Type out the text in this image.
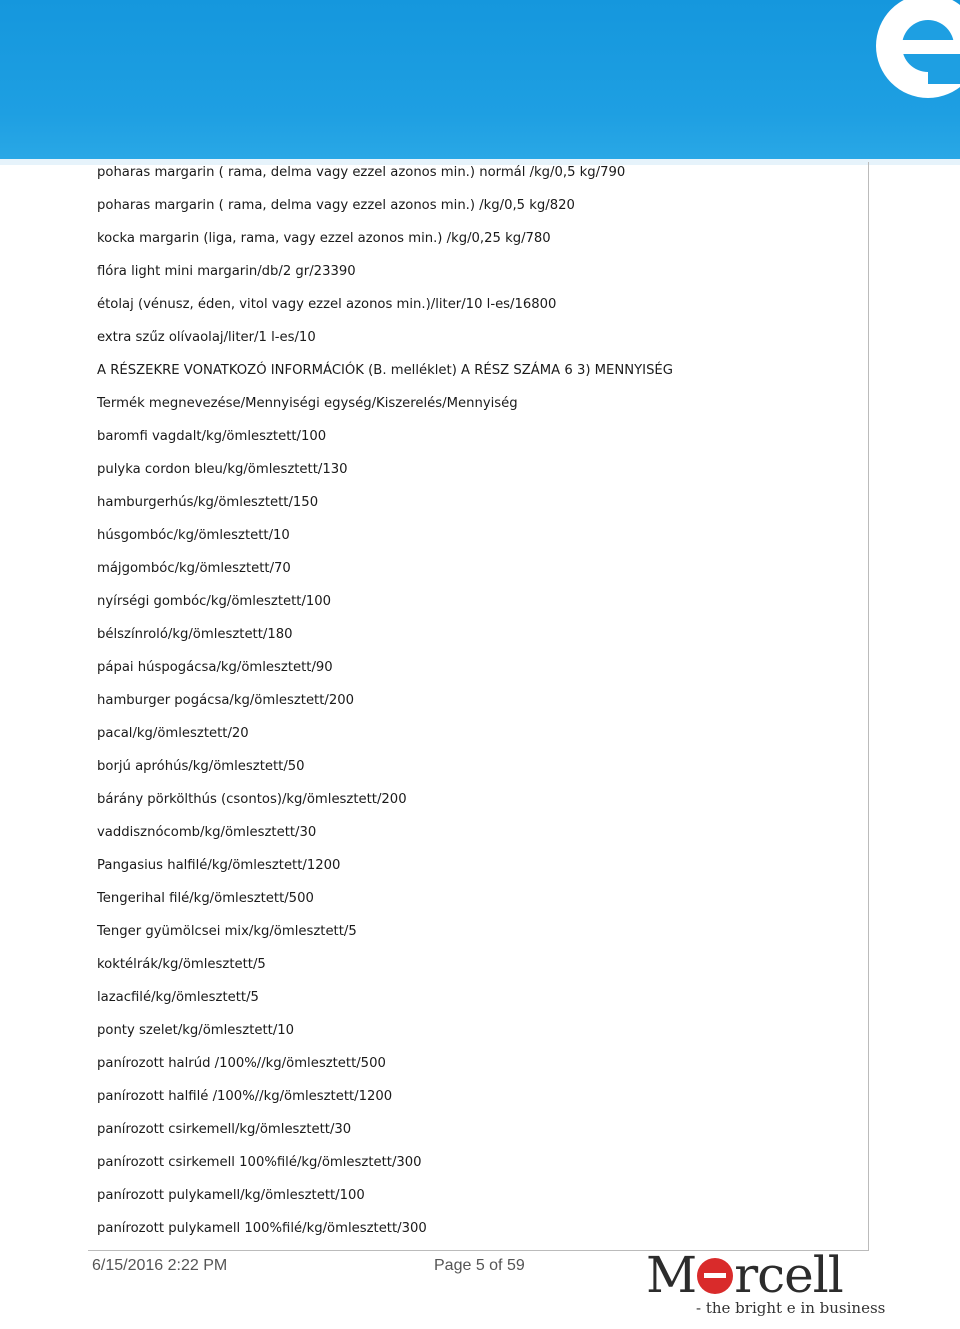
poharas margarin ( rama, delma vagy ezzel azonos min.) normál /kg/0,5 kg/790
poharas margarin ( rama, delma vagy ezzel azonos min.) /kg/0,5 kg/820
kocka margarin (liga, rama, vagy ezzel azonos min.) /kg/0,25 kg/780
flóra light mini margarin/db/2 gr/23390
étolaj (vénusz, éden, vitol vagy ezzel azonos min.)/liter/10 l-es/16800
extra szűz olívaolaj/liter/1 l-es/10
A RÉSZEKRE VONATKOZÓ INFORMÁCIÓK (B. melléklet) A RÉSZ SZÁMA 6 3) MENNYISÉG
Termék megnevezése/Mennyiségi egység/Kiszerelés/Mennyiség
baromfi vagdalt/kg/ömlesztett/100
pulyka cordon bleu/kg/ömlesztett/130
hamburgerhús/kg/ömlesztett/150
húsgombóc/kg/ömlesztett/10
májgombóc/kg/ömlesztett/70
nyírségi gombóc/kg/ömlesztett/100
bélszínroló/kg/ömlesztett/180
pápai húspogácsa/kg/ömlesztett/90
hamburger pogácsa/kg/ömlesztett/200
pacal/kg/ömlesztett/20
borjú apróhús/kg/ömlesztett/50
bárány pörkölthús (csontos)/kg/ömlesztett/200
vaddisznócomb/kg/ömlesztett/30
Pangasius halfilé/kg/ömlesztett/1200
Tengerihal filé/kg/ömlesztett/500
Tenger gyümölcsei mix/kg/ömlesztett/5
koktélrák/kg/ömlesztett/5
lazacfilé/kg/ömlesztett/5
ponty szelet/kg/ömlesztett/10
panírozott halrúd /100%//kg/ömlesztett/500
panírozott halfilé /100%//kg/ömlesztett/1200
panírozott csirkemell/kg/ömlesztett/30
panírozott csirkemell 100%filé/kg/ömlesztett/300
panírozott pulykamell/kg/ömlesztett/100
panírozott pulykamell 100%filé/kg/ömlesztett/300
6/15/2016 2:22 PM	Page 5 of 59 M rcell
- the bright e in business
